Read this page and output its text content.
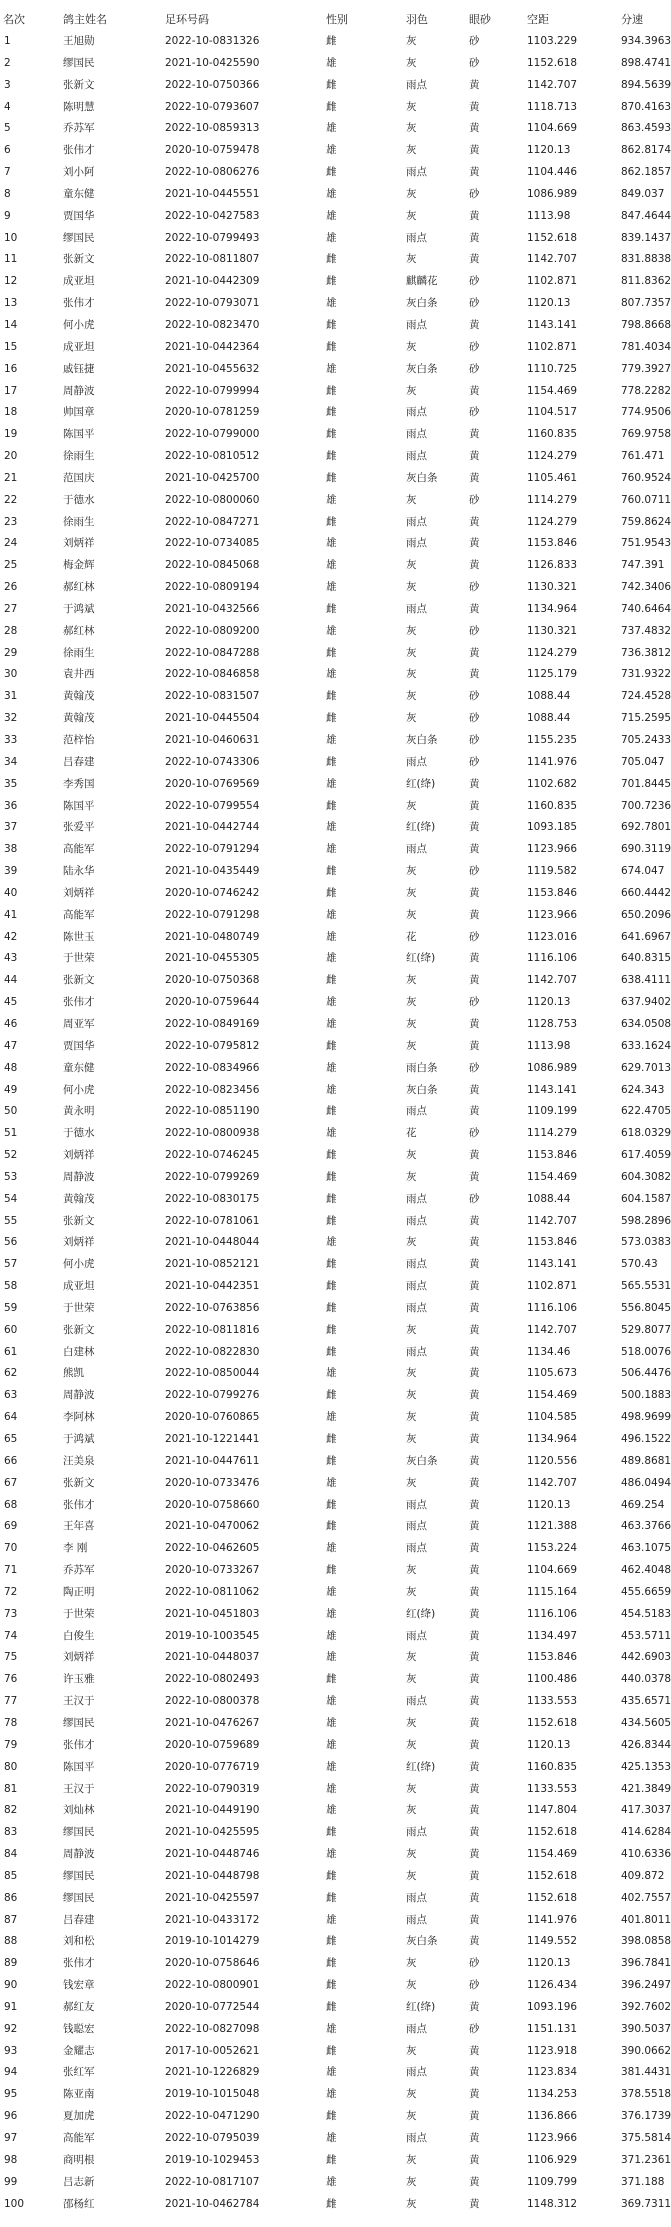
名次	鸽主姓名	足环号码	性别	羽色	眼砂	空距	分速
1	王旭勋	2022-10-0831326	雌	灰	砂	1103.229	934.3963
2	缪国民	2021-10-0425590	雄	灰	砂	1152.618	898.4741
3	张新文	2022-10-0750366	雌	雨点	黄	1142.707	894.5639
4	陈明慧	2022-10-0793607	雌	灰	黄	1118.713	870.4163
5	乔苏军	2022-10-0859313	雄	灰	黄	1104.669	863.4593
6	张伟才	2020-10-0759478	雄	灰	黄	1120.13	862.8174
7	刘小阿	2022-10-0806276	雌	雨点	黄	1104.446	862.1857
8	童东健	2021-10-0445551	雄	灰	砂	1086.989	849.037
9	贾国华	2022-10-0427583	雄	灰	黄	1113.98	847.4644
10	缪国民	2022-10-0799493	雄	雨点	黄	1152.618	839.1437
11	张新文	2022-10-0811807	雌	灰	黄	1142.707	831.8838
12	成亚坦	2021-10-0442309	雌	麒麟花	砂	1102.871	811.8362
13	张伟才	2022-10-0793071	雄	灰白条	砂	1120.13	807.7357
14	何小虎	2022-10-0823470	雌	雨点	黄	1143.141	798.8668
15	成亚坦	2021-10-0442364	雌	灰	砂	1102.871	781.4034
16	戚钰捷	2021-10-0455632	雄	灰白条	砂	1110.725	779.3927
17	周静波	2022-10-0799994	雌	灰	黄	1154.469	778.2282
18	帅国章	2020-10-0781259	雌	雨点	砂	1104.517	774.9506
19	陈国平	2022-10-0799000	雌	雨点	黄	1160.835	769.9758
20	徐雨生	2022-10-0810512	雌	雨点	黄	1124.279	761.471
21	范国庆	2021-10-0425700	雌	灰白条	黄	1105.461	760.9524
22	于德水	2022-10-0800060	雄	灰	砂	1114.279	760.0711
23	徐雨生	2022-10-0847271	雌	雨点	黄	1124.279	759.8624
24	刘炳祥	2022-10-0734085	雄	雨点	黄	1153.846	751.9543
25	梅金辉	2022-10-0845068	雄	灰	黄	1126.833	747.391
26	郝红林	2022-10-0809194	雄	灰	砂	1130.321	742.3406
27	于鸿斌	2021-10-0432566	雌	雨点	黄	1134.964	740.6464
28	郝红林	2022-10-0809200	雄	灰	砂	1130.321	737.4832
29	徐雨生	2022-10-0847288	雌	灰	黄	1124.279	736.3812
30	袁井西	2022-10-0846858	雄	灰	黄	1125.179	731.9322
31	黄翰茂	2022-10-0831507	雌	灰	砂	1088.44	724.4528
32	黄翰茂	2021-10-0445504	雌	灰	砂	1088.44	715.2595
33	范梓怡	2021-10-0460631	雄	灰白条	砂	1155.235	705.2433
34	吕春建	2022-10-0743306	雌	雨点	砂	1141.976	705.047
35	李秀国	2020-10-0769569	雄	红(绛)	黄	1102.682	701.8445
36	陈国平	2022-10-0799554	雌	灰	黄	1160.835	700.7236
37	张爱平	2021-10-0442744	雄	红(绛)	黄	1093.185	692.7801
38	高能军	2022-10-0791294	雄	雨点	黄	1123.966	690.3119
39	陆永华	2021-10-0435449	雌	灰	砂	1119.582	674.047
40	刘炳祥	2020-10-0746242	雌	灰	黄	1153.846	660.4442
41	高能军	2022-10-0791298	雄	灰	黄	1123.966	650.2096
42	陈世玉	2021-10-0480749	雄	花	砂	1123.016	641.6967
43	于世荣	2021-10-0455305	雄	红(绛)	黄	1116.106	640.8315
44	张新文	2020-10-0750368	雌	灰	黄	1142.707	638.4111
45	张伟才	2020-10-0759644	雄	灰	砂	1120.13	637.9402
46	周亚军	2022-10-0849169	雄	灰	黄	1128.753	634.0508
47	贾国华	2022-10-0795812	雌	灰	黄	1113.98	633.1624
48	童东健	2022-10-0834966	雄	雨白条	砂	1086.989	629.7013
49	何小虎	2022-10-0823456	雄	灰白条	黄	1143.141	624.343
50	黄永明	2022-10-0851190	雌	雨点	黄	1109.199	622.4705
51	于德水	2022-10-0800938	雄	花	砂	1114.279	618.0329
52	刘炳祥	2022-10-0746245	雌	灰	黄	1153.846	617.4059
53	周静波	2022-10-0799269	雌	灰	黄	1154.469	604.3082
54	黄翰茂	2022-10-0830175	雌	雨点	砂	1088.44	604.1587
55	张新文	2022-10-0781061	雌	雨点	黄	1142.707	598.2896
56	刘炳祥	2021-10-0448044	雄	灰	黄	1153.846	573.0383
57	何小虎	2021-10-0852121	雌	雨点	黄	1143.141	570.43
58	成亚坦	2021-10-0442351	雌	雨点	黄	1102.871	565.5531
59	于世荣	2022-10-0763856	雌	雨点	黄	1116.106	556.8045
60	张新文	2022-10-0811816	雌	灰	黄	1142.707	529.8077
61	白建林	2022-10-0822830	雌	雨点	黄	1134.46	518.0076
62	熊凯	2022-10-0850044	雄	灰	黄	1105.673	506.4476
63	周静波	2022-10-0799276	雌	灰	黄	1154.469	500.1883
64	李阿林	2020-10-0760865	雄	灰	黄	1104.585	498.9699
65	于鸿斌	2021-10-1221441	雌	灰	黄	1134.964	496.1522
66	汪美泉	2021-10-0447611	雌	灰白条	黄	1120.556	489.8681
67	张新文	2020-10-0733476	雄	灰	黄	1142.707	486.0494
68	张伟才	2020-10-0758660	雌	雨点	黄	1120.13	469.254
69	王年喜	2021-10-0470062	雌	雨点	黄	1121.388	463.3766
70	李 刚	2022-10-0462605	雄	雨点	黄	1153.224	463.1075
71	乔苏军	2020-10-0733267	雌	灰	黄	1104.669	462.4048
72	陶正明	2022-10-0811062	雄	灰	黄	1115.164	455.6659
73	于世荣	2021-10-0451803	雄	红(绛)	黄	1116.106	454.5183
74	白俊生	2019-10-1003545	雄	雨点	黄	1134.497	453.5711
75	刘炳祥	2021-10-0448037	雄	灰	黄	1153.846	442.6903
76	许玉雅	2022-10-0802493	雌	灰	黄	1100.486	440.0378
77	王汉于	2022-10-0800378	雄	雨点	黄	1133.553	435.6571
78	缪国民	2021-10-0476267	雄	灰	黄	1152.618	434.5605
79	张伟才	2020-10-0759689	雄	灰	黄	1120.13	426.8344
80	陈国平	2020-10-0776719	雄	红(绛)	黄	1160.835	425.1353
81	王汉于	2022-10-0790319	雄	灰	黄	1133.553	421.3849
82	刘灿林	2021-10-0449190	雄	灰	黄	1147.804	417.3037
83	缪国民	2021-10-0425595	雌	雨点	黄	1152.618	414.6284
84	周静波	2021-10-0448746	雄	灰	黄	1154.469	410.6336
85	缪国民	2021-10-0448798	雌	灰	黄	1152.618	409.872
86	缪国民	2021-10-0425597	雌	雨点	黄	1152.618	402.7557
87	吕春建	2021-10-0433172	雄	雨点	黄	1141.976	401.8011
88	刘和松	2019-10-1014279	雌	灰白条	黄	1149.552	398.0858
89	张伟才	2020-10-0758646	雌	灰	砂	1120.13	396.7841
90	钱宏章	2022-10-0800901	雌	灰	砂	1126.434	396.2497
91	郝红友	2020-10-0772544	雌	红(绛)	黄	1093.196	392.7602
92	钱聪宏	2022-10-0827098	雄	雨点	砂	1151.131	390.5037
93	金耀志	2017-10-0052621	雌	灰	黄	1123.918	390.0662
94	张红军	2021-10-1226829	雄	雨点	黄	1123.834	381.4431
95	陈亚南	2019-10-1015048	雄	灰	黄	1134.253	378.5518
96	夏加虎	2022-10-0471290	雌	灰	黄	1136.866	376.1739
97	高能军	2022-10-0795039	雄	雨点	黄	1123.966	375.5814
98	商明根	2019-10-1029453	雌	灰	黄	1106.929	371.2361
99	吕志新	2022-10-0817107	雄	灰	黄	1109.799	371.188
100	邵杨红	2021-10-0462784	雌	灰	黄	1148.312	369.7311
